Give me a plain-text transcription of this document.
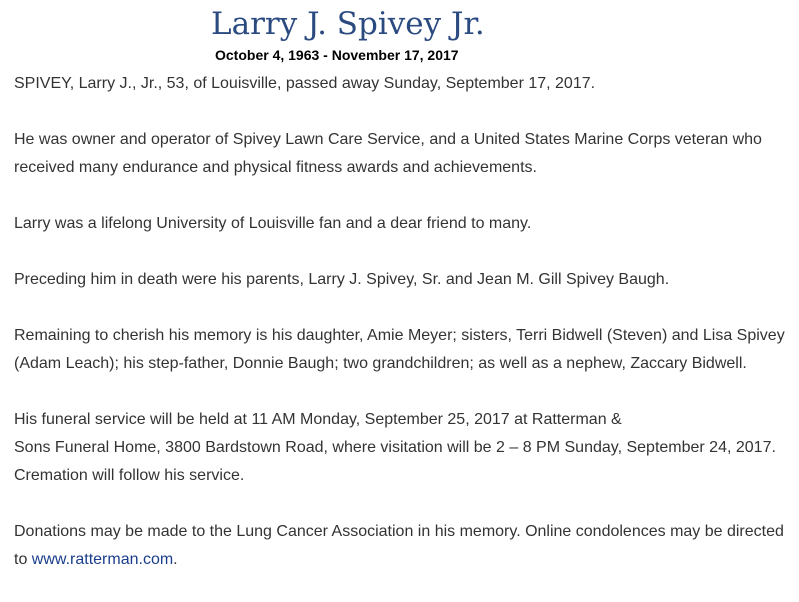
Larry J. Spivey Jr.
October 4, 1963 - November 17, 2017

SPIVEY, Larry J., Jr., 53, of Louisville, passed away Sunday, September 17, 2017.

He was owner and operator of Spivey Lawn Care Service, and a United States Marine Corps veteran who received many endurance and physical fitness awards and achievements.

Larry was a lifelong University of Louisville fan and a dear friend to many.

Preceding him in death were his parents, Larry J. Spivey, Sr. and Jean M. Gill Spivey Baugh.

Remaining to cherish his memory is his daughter, Amie Meyer; sisters, Terri Bidwell (Steven) and Lisa Spivey (Adam Leach); his step-father, Donnie Baugh; two grandchildren; as well as a nephew, Zaccary Bidwell.

His funeral service will be held at 11 AM Monday, September 25, 2017 at Ratterman &
Sons Funeral Home, 3800 Bardstown Road, where visitation will be 2 – 8 PM Sunday, September 24, 2017. Cremation will follow his service.

Donations may be made to the Lung Cancer Association in his memory. Online condolences may be directed to www.ratterman.com.
